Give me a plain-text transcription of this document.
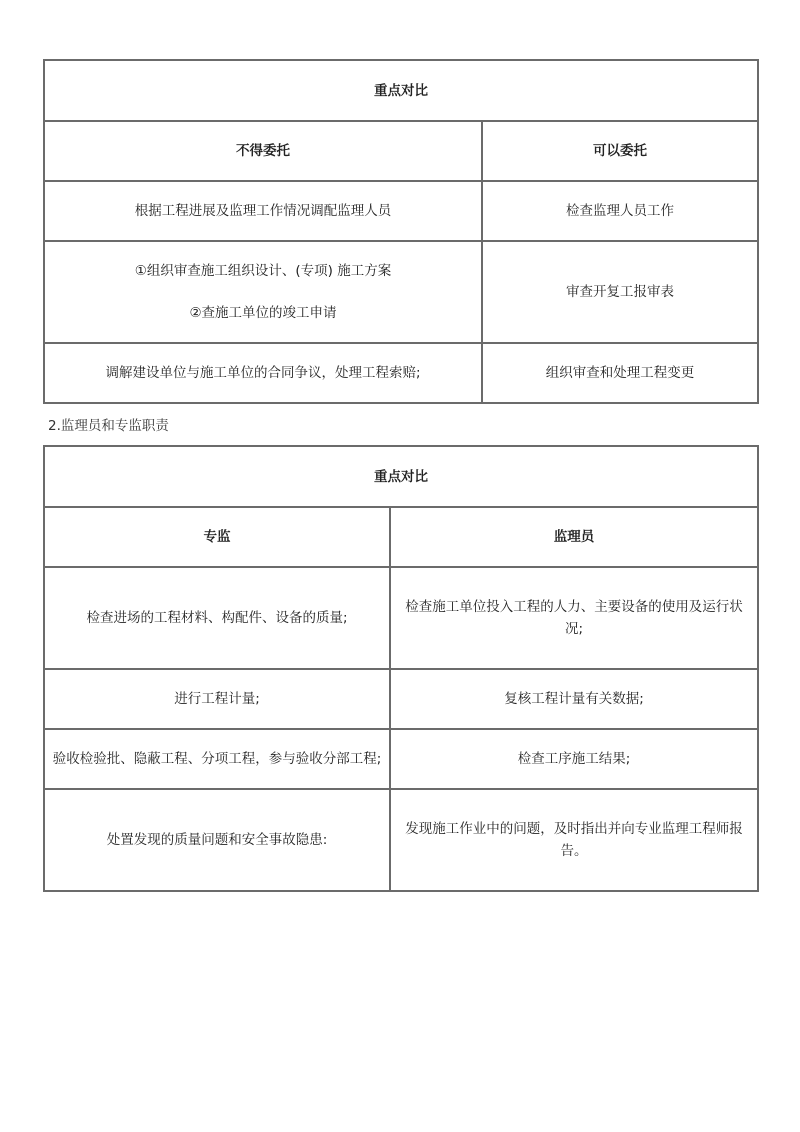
重点对比	
不得委托	可以委托

根据工程进展及监理工作情况调配监理人员	检查监理人员工作

①组织审查施工组织设计、(专项) 施工方案

②查施工单位的竣工申请	审查开复工报审表

调解建设单位与施工单位的合同争议，处理工程索赔;	组织审查和处理工程变更
2.监理员和专监职责
重点对比	
专监	监理员
检查进场的工程材料、构配件、设备的质量;	检查施工单位投入工程的人力、主要设备的使用及运行状况;
进行工程计量;	复核工程计量有关数据;
验收检验批、隐蔽工程、分项工程，参与验收分部工程;	检查工序施工结果;
处置发现的质量问题和安全事故隐患:	发现施工作业中的问题，及时指出并向专业监理工程师报告。
